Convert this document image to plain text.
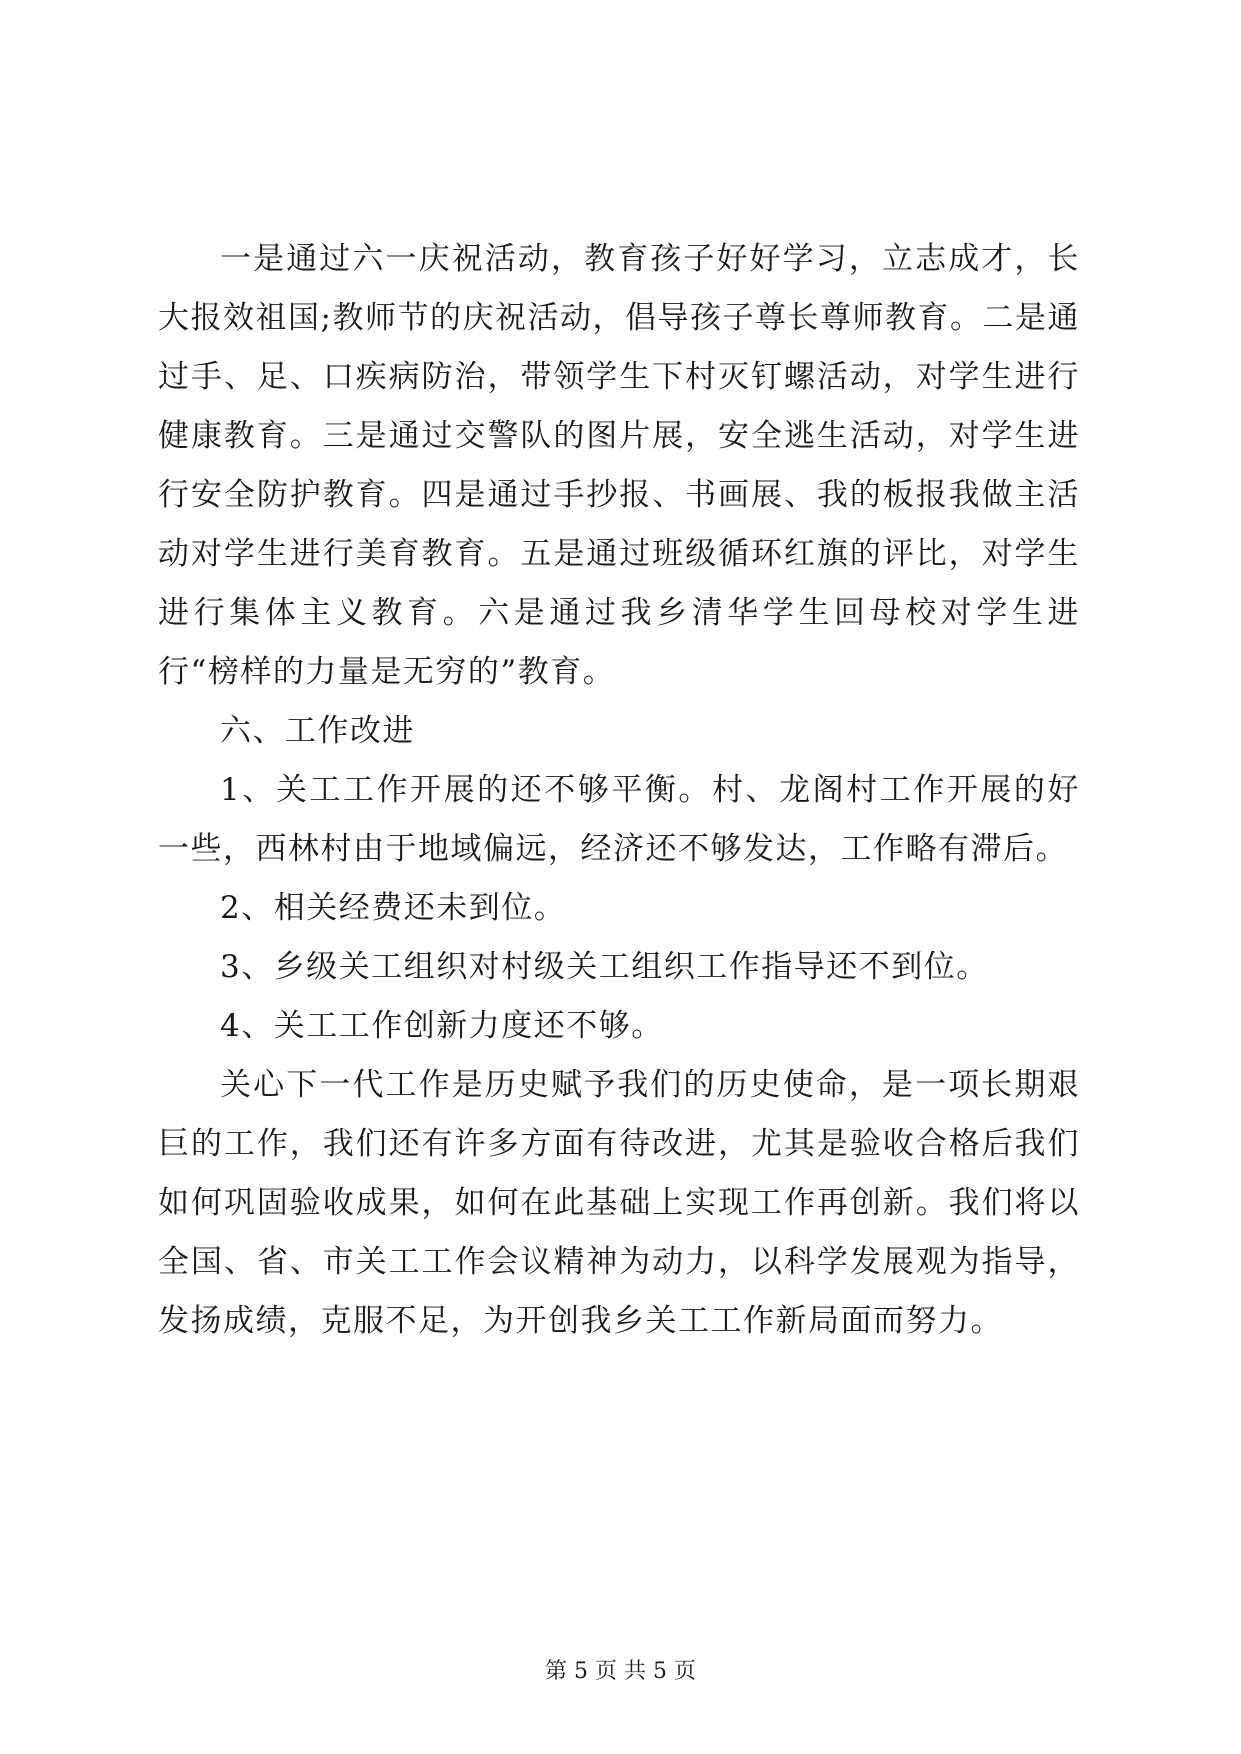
一是通过六一庆祝活动，教育孩子好好学习，立志成才，长大报效祖国;教师节的庆祝活动，倡导孩子尊长尊师教育。二是通过手、足、口疾病防治，带领学生下村灭钉螺活动，对学生进行健康教育。三是通过交警队的图片展，安全逃生活动，对学生进行安全防护教育。四是通过手抄报、书画展、我的板报我做主活动对学生进行美育教育。五是通过班级循环红旗的评比，对学生进行集体主义教育。六是通过我乡清华学生回母校对学生进行“榜样的力量是无穷的”教育。

六、工作改进

1、关工工作开展的还不够平衡。村、龙阁村工作开展的好一些，西林村由于地域偏远，经济还不够发达，工作略有滞后。

2、相关经费还未到位。

3、乡级关工组织对村级关工组织工作指导还不到位。

4、关工工作创新力度还不够。

关心下一代工作是历史赋予我们的历史使命，是一项长期艰巨的工作，我们还有许多方面有待改进，尤其是验收合格后我们如何巩固验收成果，如何在此基础上实现工作再创新。我们将以全国、省、市关工工作会议精神为动力，以科学发展观为指导，发扬成绩，克服不足，为开创我乡关工工作新局面而努力。

第 5 页 共 5 页
